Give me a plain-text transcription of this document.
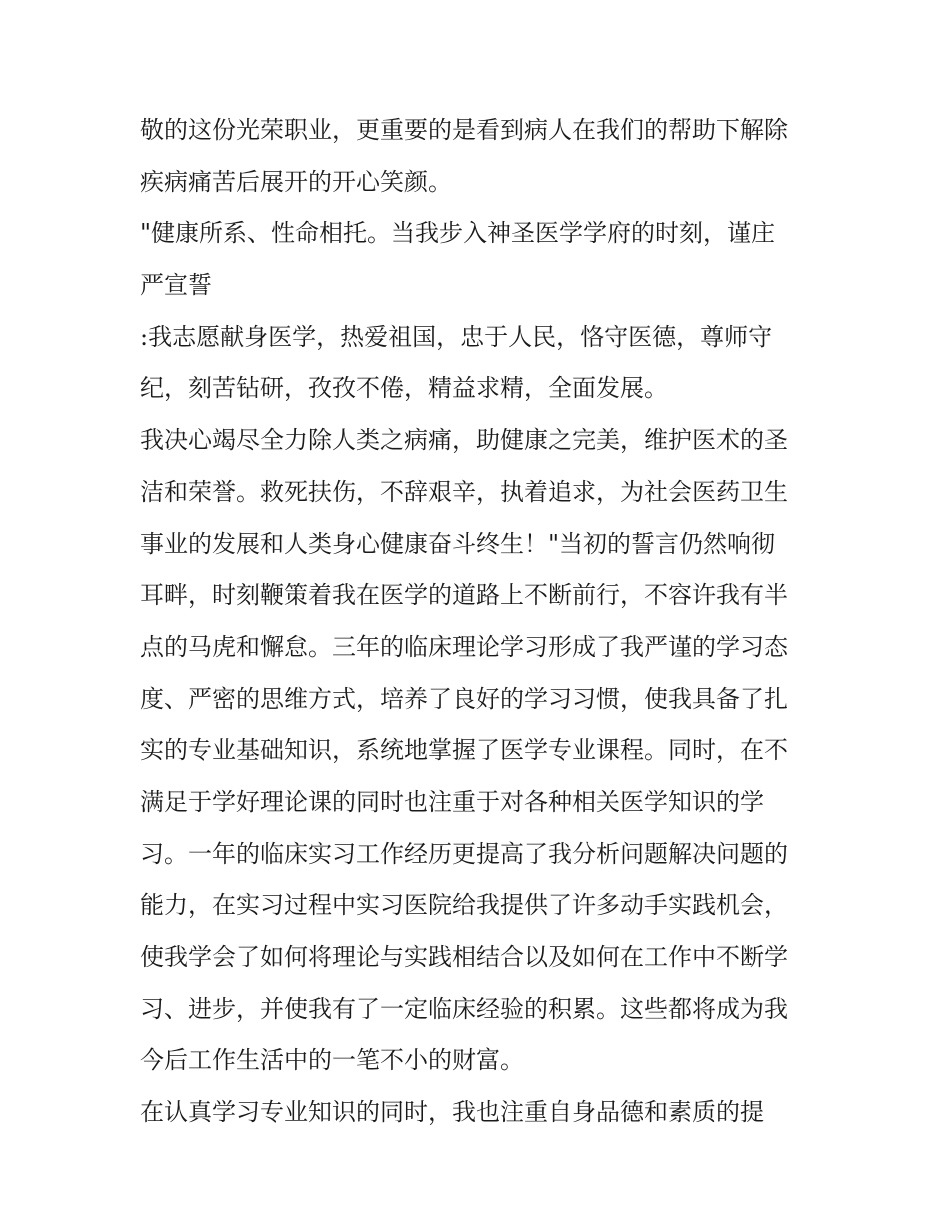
敬的这份光荣职业，更重要的是看到病人在我们的帮助下解除
疾病痛苦后展开的开心笑颜。
"健康所系、性命相托。当我步入神圣医学学府的时刻，谨庄
严宣誓
:我志愿献身医学，热爱祖国，忠于人民，恪守医德，尊师守
纪，刻苦钻研，孜孜不倦，精益求精，全面发展。
我决心竭尽全力除人类之病痛，助健康之完美，维护医术的圣
洁和荣誉。救死扶伤，不辞艰辛，执着追求，为社会医药卫生
事业的发展和人类身心健康奋斗终生！"当初的誓言仍然响彻
耳畔，时刻鞭策着我在医学的道路上不断前行，不容许我有半
点的马虎和懈怠。三年的临床理论学习形成了我严谨的学习态
度、严密的思维方式，培养了良好的学习习惯，使我具备了扎
实的专业基础知识，系统地掌握了医学专业课程。同时，在不
满足于学好理论课的同时也注重于对各种相关医学知识的学
习。一年的临床实习工作经历更提高了我分析问题解决问题的
能力，在实习过程中实习医院给我提供了许多动手实践机会，
使我学会了如何将理论与实践相结合以及如何在工作中不断学
习、进步，并使我有了一定临床经验的积累。这些都将成为我
今后工作生活中的一笔不小的财富。
在认真学习专业知识的同时，我也注重自身品德和素质的提
